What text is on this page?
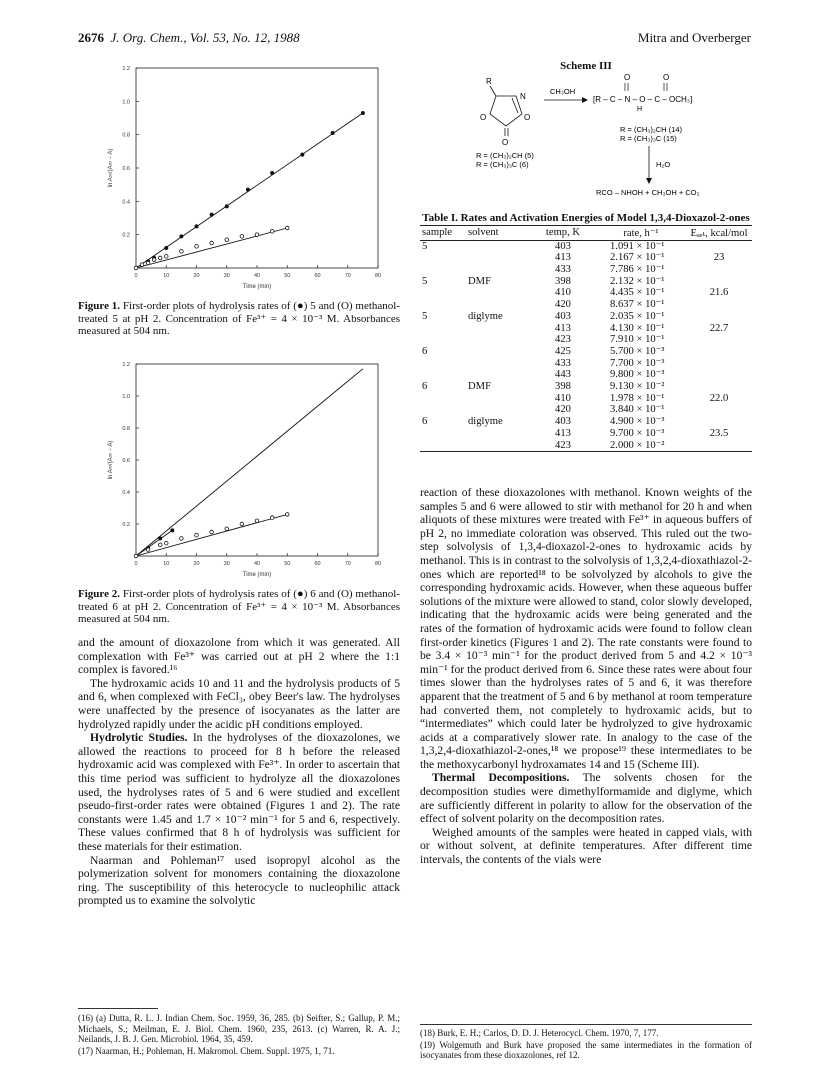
2676 J. Org. Chem., Vol. 53, No. 12, 1988	Mitra and Overberger
0	10	20	30	40	50	60	70	80
0.2
0.4
0.6
0.8
1.0
1.2
Time (min)
ln A∞/(A∞ − A)

Figure 1. First-order plots of hydrolysis rates of (●) 5 and (O) methanol-treated 5 at pH 2. Concentration of Fe³⁺ = 4 × 10⁻³ M. Absorbances measured at 504 nm.

0	10	20	30	40	50	60	70	80
0.2
0.4
0.6
0.8
1.0
1.2
Time (min)
ln A∞/(A∞ − A)

Figure 2. First-order plots of hydrolysis rates of (●) 6 and (O) methanol-treated 6 at pH 2. Concentration of Fe³⁺ = 4 × 10⁻³ M. Absorbances measured at 504 nm.

and the amount of dioxazolone from which it was generated. All complexation with Fe³⁺ was carried out at pH 2 where the 1:1 complex is favored.¹⁶

The hydroxamic acids 10 and 11 and the hydrolysis products of 5 and 6, when complexed with FeCl₃, obey Beer's law. The hydrolyses were unaffected by the presence of isocyanates as the latter are hydrolyzed rapidly under the acidic pH conditions employed.

Hydrolytic Studies. In the hydrolyses of the dioxazolones, we allowed the reactions to proceed for 8 h before the released hydroxamic acid was complexed with Fe³⁺. In order to ascertain that this time period was sufficient to hydrolyze all the dioxazolones used, the hydrolyses rates of 5 and 6 were studied and excellent pseudo-first-order rates were obtained (Figures 1 and 2). The rate constants were 1.45 and 1.7 × 10⁻² min⁻¹ for 5 and 6, respectively. These values confirmed that 8 h of hydrolysis was sufficient for these materials for their estimation.

Naarman and Pohleman¹⁷ used isopropyl alcohol as the polymerization solvent for monomers containing the dioxazolone ring. The susceptibility of this heterocycle to nucleophilic attack prompted us to examine the solvolytic

(16) (a) Dutta, R. L. J. Indian Chem. Soc. 1959, 36, 285. (b) Seifter, S.; Gallup, P. M.; Michaels, S.; Meilman, E. J. Biol. Chem. 1960, 235, 2613. (c) Warren, R. A. J.; Neilands, J. B. J. Gen. Microbiol. 1964, 35, 459.

(17) Naarman, H.; Pohleman, H. Makromol. Chem. Suppl. 1975, 1, 71.

Scheme III
R
N
O	O
O
CH₃OH
O	O
[R – C – N – O – C – OCH₃]
H
R = (CH₃)₂CH (14)
R = (CH₃)₃C (15)
R = (CH₃)₂CH (5)
R = (CH₃)₃C (6)	H₂O
RCO – NHOH + CH₃OH + CO₂
Table I. Rates and Activation Energies of Model 1,3,4-Dioxazol-2-ones
sample	solvent	temp, K	rate, h⁻¹	Eₐₑₜ, kcal/mol
5		403	1.091 × 10⁻¹	
		413	2.167 × 10⁻¹	23
		433	7.786 × 10⁻¹	
5	DMF	398	2.132 × 10⁻¹	
		410	4.435 × 10⁻¹	21.6
		420	8.637 × 10⁻¹	
5	diglyme	403	2.035 × 10⁻¹	
		413	4.130 × 10⁻¹	22.7
		423	7.910 × 10⁻¹	
6		425	5.700 × 10⁻³	
		433	7.700 × 10⁻³	
		443	9.800 × 10⁻³	
6	DMF	398	9.130 × 10⁻²	
		410	1.978 × 10⁻¹	22.0
		420	3.840 × 10⁻¹	
6	diglyme	403	4.900 × 10⁻³	
		413	9.700 × 10⁻³	23.5
		423	2.000 × 10⁻²	

reaction of these dioxazolones with methanol. Known weights of the samples 5 and 6 were allowed to stir with methanol for 20 h and when aliquots of these mixtures were treated with Fe³⁺ in aqueous buffers of pH 2, no immediate coloration was observed. This ruled out the two-step solvolysis of 1,3,4-dioxazol-2-ones to hydroxamic acids by methanol. This is in contrast to the solvolysis of 1,3,2,4-dioxathiazol-2-ones which are reported¹⁸ to be solvolyzed by alcohols to give the corresponding hydroxamic acids. However, when these aqueous buffer solutions of the mixture were allowed to stand, color slowly developed, indicating that the hydroxamic acids were being generated and the rates of the formation of hydroxamic acids were found to follow clean first-order kinetics (Figures 1 and 2). The rate constants were found to be 3.4 × 10⁻³ min⁻¹ for the product derived from 5 and 4.2 × 10⁻³ min⁻¹ for the product derived from 6. Since these rates were about four times slower than the hydrolyses rates of 5 and 6, it was therefore apparent that the treatment of 5 and 6 by methanol at room temperature had converted them, not completely to hydroxamic acids, but to “intermediates” which could later be hydrolyzed to give hydroxamic acids at a comparatively slower rate. In analogy to the case of the 1,3,2,4-dioxathiazol-2-ones,¹⁸ we propose¹⁹ these intermediates to be the methoxycarbonyl hydroxamates 14 and 15 (Scheme III).

Thermal Decompositions. The solvents chosen for the decomposition studies were dimethylformamide and diglyme, which are sufficiently different in polarity to allow for the observation of the effect of solvent polarity on the decomposition rates.

Weighed amounts of the samples were heated in capped vials, with or without solvent, at definite temperatures. After different time intervals, the contents of the vials were

(18) Burk, E. H.; Carlos, D. D. J. Heterocycl. Chem. 1970, 7, 177.

(19) Wolgemuth and Burk have proposed the same intermediates in the formation of isocyanates from these dioxazolones, ref 12.
